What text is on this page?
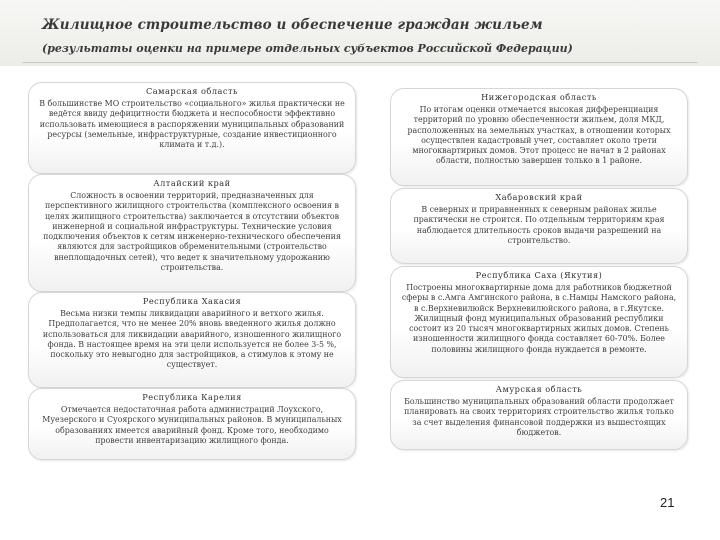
Жилищное строительство и обеспечение граждан жильем
(результаты оценки на примере отдельных субъектов Российской Федерации)
Самарская область
В большинстве МО строительство «социального» жилья практически не ведётся ввиду дефицитности бюджета и неспособности эффективно использовать имеющиеся в распоряжении муниципальных образований ресурсы (земельные, инфраструктурные, создание инвестиционного климата и т.д.).
Алтайский край
Сложность в освоении территорий, предназначенных для перспективного жилищного строительства (комплексного освоения в целях жилищного строительства) заключается в отсутствии объектов инженерной и социальной инфраструктуры. Технические условия подключения объектов к сетям инженерно-технического обеспечения являются для застройщиков обременительными (строительство внеплощадочных сетей), что ведет к значительному удорожанию строительства.
Республика Хакасия
Весьма низки темпы ликвидации аварийного и ветхого жилья. Предполагается, что не менее 20% вновь введенного жилья должно использоваться для ликвидации аварийного, изношенного жилищного фонда. В настоящее время на эти цели используется не более 3-5 %, поскольку это невыгодно для застройщиков, а стимулов к этому не существует.
Республика Карелия
Отмечается недостаточная работа администраций Лоухского, Муезерского и Суоярского муниципальных районов. В муниципальных образованиях имеется аварийный фонд. Кроме того, необходимо провести инвентаризацию жилищного фонда.
Нижегородская область
По итогам оценки отмечается высокая дифференциация территорий по уровню обеспеченности жильем, доля МКД, расположенных на земельных участках, в отношении которых осуществлен кадастровый учет, составляет около трети многоквартирных домов. Этот процесс не начат в 2 районах области, полностью завершен только в 1 районе.
Хабаровский край
В северных и приравненных к северным районах жилье практически не строится. По отдельным территориям края наблюдается длительность сроков выдачи разрешений на строительство.
Республика Саха (Якутия)
Построены многоквартирные дома для работников бюджетной сферы в с.Амга Амгинского района, в с.Намцы Намского района, в с.Верхневилюйск Верхневилюйского района, в г.Якутске. Жилищный фонд муниципальных образований республики состоит из 20 тысяч многоквартирных жилых домов. Степень изношенности жилищного фонда составляет 60-70%. Более половины жилищного фонда нуждается в ремонте.
Амурская область
Большинство муниципальных образований области продолжает планировать на своих территориях строительство жилья только за счет выделения финансовой поддержки из вышестоящих бюджетов.
21
